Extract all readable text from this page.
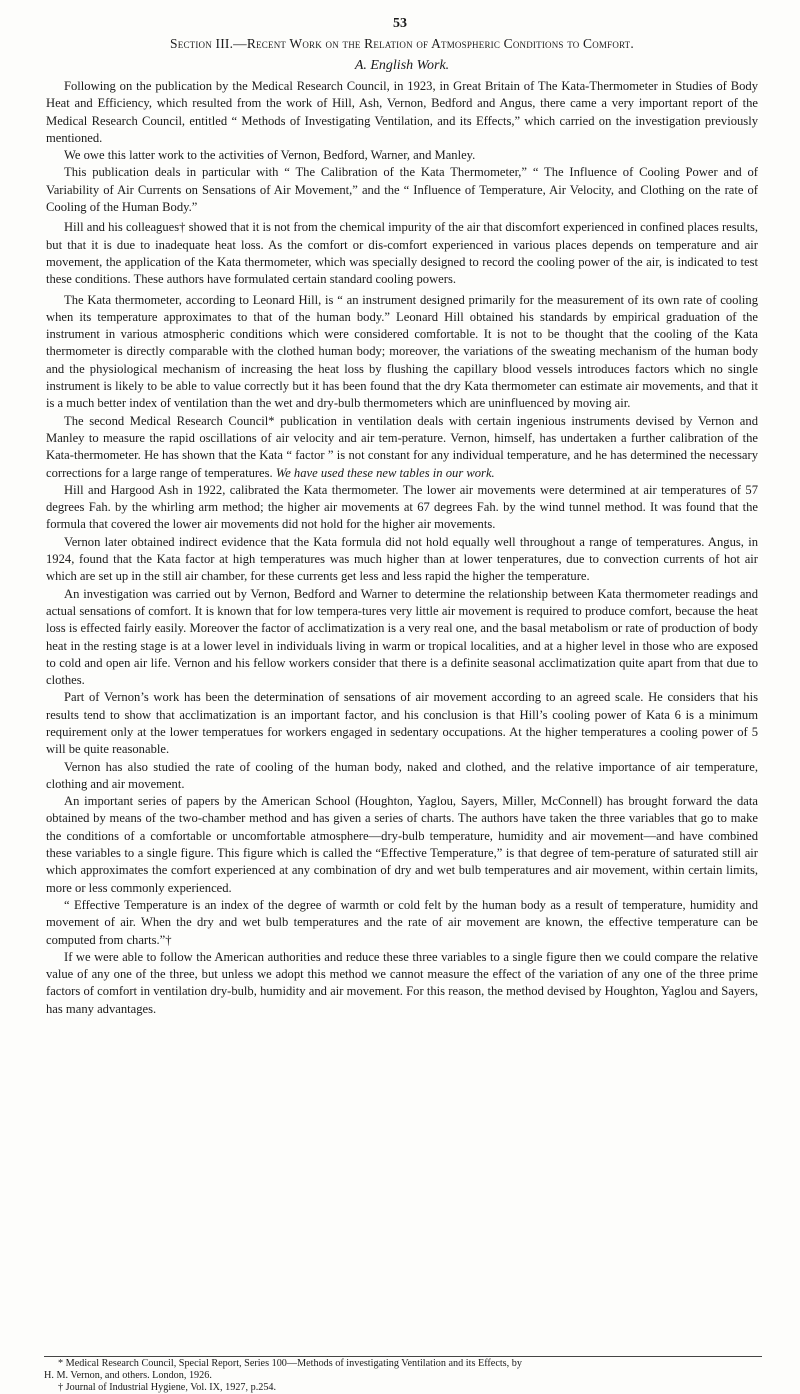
53
Section III.—Recent Work on the Relation of Atmospheric Conditions to Comfort.
A. English Work.

Following on the publication by the Medical Research Council, in 1923, in Great Britain of The Kata-Thermometer in Studies of Body Heat and Efficiency, which resulted from the work of Hill, Ash, Vernon, Bedford and Angus, there came a very important report of the Medical Research Council, entitled “ Methods of Investigating Ventilation, and its Effects,” which carried on the investigation previously mentioned.

We owe this latter work to the activities of Vernon, Bedford, Warner, and Manley.

This publication deals in particular with “ The Calibration of the Kata Thermometer,” “ The Influence of Cooling Power and of Variability of Air Currents on Sensations of Air Movement,” and the “ Influence of Temperature, Air Velocity, and Clothing on the rate of Cooling of the Human Body.”

Hill and his colleagues† showed that it is not from the chemical impurity of the air that discomfort experienced in confined places results, but that it is due to inadequate heat loss. As the comfort or dis-comfort experienced in various places depends on temperature and air movement, the application of the Kata thermometer, which was specially designed to record the cooling power of the air, is indicated to test these conditions. These authors have formulated certain standard cooling powers.

The Kata thermometer, according to Leonard Hill, is “ an instrument designed primarily for the measurement of its own rate of cooling when its temperature approximates to that of the human body.” Leonard Hill obtained his standards by empirical graduation of the instrument in various atmospheric conditions which were considered comfortable. It is not to be thought that the cooling of the Kata thermometer is directly comparable with the clothed human body; moreover, the variations of the sweating mechanism of the human body and the physiological mechanism of increasing the heat loss by flushing the capillary blood vessels introduces factors which no single instrument is likely to be able to value correctly but it has been found that the dry Kata thermometer can estimate air movements, and that it is a much better index of ventilation than the wet and dry-bulb thermometers which are uninfluenced by moving air.

The second Medical Research Council* publication in ventilation deals with certain ingenious instruments devised by Vernon and Manley to measure the rapid oscillations of air velocity and air tem-perature. Vernon, himself, has undertaken a further calibration of the Kata-thermometer. He has shown that the Kata “ factor ” is not constant for any individual temperature, and he has determined the necessary corrections for a large range of temperatures. We have used these new tables in our work.

Hill and Hargood Ash in 1922, calibrated the Kata thermometer. The lower air movements were determined at air temperatures of 57 degrees Fah. by the whirling arm method; the higher air movements at 67 degrees Fah. by the wind tunnel method. It was found that the formula that covered the lower air movements did not hold for the higher air movements.

Vernon later obtained indirect evidence that the Kata formula did not hold equally well throughout a range of temperatures. Angus, in 1924, found that the Kata factor at high temperatures was much higher than at lower tenperatures, due to convection currents of hot air which are set up in the still air chamber, for these currents get less and less rapid the higher the temperature.

An investigation was carried out by Vernon, Bedford and Warner to determine the relationship between Kata thermometer readings and actual sensations of comfort. It is known that for low tempera-tures very little air movement is required to produce comfort, because the heat loss is effected fairly easily. Moreover the factor of acclimatization is a very real one, and the basal metabolism or rate of production of body heat in the resting stage is at a lower level in individuals living in warm or tropical localities, and at a higher level in those who are exposed to cold and open air life. Vernon and his fellow workers consider that there is a definite seasonal acclimatization quite apart from that due to clothes.

Part of Vernon’s work has been the determination of sensations of air movement according to an agreed scale. He considers that his results tend to show that acclimatization is an important factor, and his conclusion is that Hill’s cooling power of Kata 6 is a minimum requirement only at the lower temperatues for workers engaged in sedentary occupations. At the higher temperatures a cooling power of 5 will be quite reasonable.

Vernon has also studied the rate of cooling of the human body, naked and clothed, and the relative importance of air temperature, clothing and air movement.

An important series of papers by the American School (Houghton, Yaglou, Sayers, Miller, McConnell) has brought forward the data obtained by means of the two-chamber method and has given a series of charts. The authors have taken the three variables that go to make the conditions of a comfortable or uncomfortable atmosphere—dry-bulb temperature, humidity and air movement—and have combined these variables to a single figure. This figure which is called the “Effective Temperature,” is that degree of tem-perature of saturated still air which approximates the comfort experienced at any combination of dry and wet bulb temperatures and air movement, within certain limits, more or less commonly experienced.

“ Effective Temperature is an index of the degree of warmth or cold felt by the human body as a result of temperature, humidity and movement of air. When the dry and wet bulb temperatures and the rate of air movement are known, the effective temperature can be computed from charts.”†

If we were able to follow the American authorities and reduce these three variables to a single figure then we could compare the relative value of any one of the three, but unless we adopt this method we cannot measure the effect of the variation of any one of the three prime factors of comfort in ventilation dry-bulb, humidity and air movement. For this reason, the method devised by Houghton, Yaglou and Sayers, has many advantages.

* Medical Research Council, Special Report, Series 100—Methods of investigating Ventilation and its Effects, by
H. M. Vernon, and others. London, 1926.
† Journal of Industrial Hygiene, Vol. IX, 1927, p.254.
